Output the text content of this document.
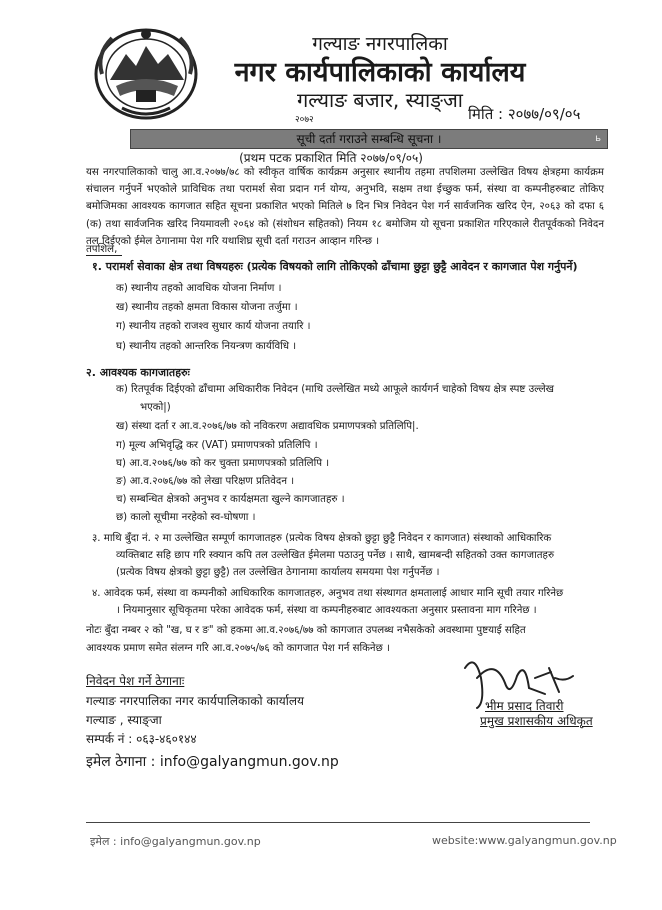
गल्याङ नगरपालिका
नगर कार्यपालिकाको कार्यालय
गल्याङ बजार, स्याङ्जा
२०७२	मिति : २०७७/०९/०५
सूची दर्ता गराउने सम्बन्धि सूचना ।	ь
(प्रथम पटक प्रकाशित मिति २०७७/०९/०५)
यस नगरपालिकाको चालु आ.व.२०७७/७८ को स्वीकृत वार्षिक कार्यक्रम अनुसार स्थानीय तहमा तपशिलमा उल्लेखित विषय क्षेत्रहमा कार्यक्रम संचालन गर्नुपर्ने भएकोले प्राविधिक तथा परामर्श सेवा प्रदान गर्न योग्य, अनुभवि, सक्षम तथा ईच्छुक फर्म, संस्था वा कम्पनीहरुबाट तोकिए बमोजिमका आवश्यक कागजात सहित सूचना प्रकाशित भएको मितिले ७ दिन भित्र निवेदन पेश गर्न सार्वजनिक खरिद ऐन, २०६३ को दफा ६ (क) तथा सार्वजनिक खरिद नियमावली २०६४ को (संशोधन सहितको) नियम १८ बमोजिम यो सूचना प्रकाशित गरिएकाले रीतपूर्वकको निवेदन तल दिईएको ईमेल ठेगानामा पेश गरि यथाशिघ्र सूची दर्ता गराउन आव्हान गरिन्छ ।
तपशिल,
१. परामर्श सेवाका क्षेत्र तथा विषयहरुः (प्रत्येक विषयको लागि तोकिएको ढाँचामा छुट्टा छुट्टै आवेदन र कागजात पेश गर्नुपर्ने)
क) स्थानीय तहको आवधिक योजना निर्माण ।
ख) स्थानीय तहको क्षमता विकास योजना तर्जुमा ।
ग) स्थानीय तहको राजश्व सुधार कार्य योजना तयारि ।
घ) स्थानीय तहको आन्तरिक नियन्त्रण कार्यविधि ।
२. आवश्यक कागजातहरुः
क) रितपूर्वक दिईएको ढाँचामा अधिकारीक निवेदन (माथि उल्लेखित मध्ये आफूले कार्यगर्न चाहेको विषय क्षेत्र स्पष्ट उल्लेख
भएको|)
ख) संस्था दर्ता र आ.व.२०७६/७७ को नविकरण अद्यावधिक प्रमाणपत्रको प्रतिलिपि|.
ग) मूल्य अभिवृद्धि कर (VAT) प्रमाणपत्रको प्रतिलिपि ।
घ) आ.व.२०७६/७७ को कर चुक्ता प्रमाणपत्रको प्रतिलिपि ।
ङ) आ.व.२०७६/७७ को लेखा परिक्षण प्रतिवेदन ।
च) सम्बन्धित क्षेत्रको अनुभव र कार्यक्षमता खुल्ने कागजातहरु ।
छ) कालो सूचीमा नरहेको स्व-घोषणा ।
३. माथि बुँदा नं. २ मा उल्लेखित सम्पूर्ण कागजातहरु (प्रत्येक विषय क्षेत्रको छुट्टा छुट्टै निवेदन र कागजात) संस्थाको आधिकारिक
व्यक्तिबाट सहि छाप गरि स्क्यान कपि तल उल्लेखित ईमेलमा पठाउनु पर्नेछ । साथै, खामबन्दी सहितको उक्त कागजातहरु
(प्रत्येक विषय क्षेत्रको छुट्टा छुट्टै) तल उल्लेखित ठेगानामा कार्यालय समयमा पेश गर्नुपर्नेछ ।
४. आवेदक फर्म, संस्था वा कम्पनीको आधिकारिक कागजातहरु, अनुभव तथा संस्थागत क्षमतालाई आधार मानि सूची तयार गरिनेछ
। नियमानुसार सूचिकृतमा परेका आवेदक फर्म, संस्था वा कम्पनीहरुबाट आवश्यकता अनुसार प्रस्तावना माग गरिनेछ ।
नोटः बुँदा नम्बर २ को "ख, घ र ङ" को हकमा आ.व.२०७६/७७ को कागजात उपलब्ध नभैसकेको अवस्थामा पुष्टयाई सहित
आवश्यक प्रमाण समेत संलग्न गरि आ.व.२०७५/७६ को कागजात पेश गर्न सकिनेछ ।
निवेदन पेश गर्ने ठेगानाः
गल्याङ नगरपालिका नगर कार्यपालिकाको कार्यालय
गल्याङ , स्याङ्जा
सम्पर्क नं : ०६३-४६०१४४
इमेल ठेगाना : info@galyangmun.gov.np
भीम प्रसाद तिवारी
प्रमुख प्रशासकीय अधिकृत
इमेल : info@galyangmun.gov.np	website:www.galyangmun.gov.np
